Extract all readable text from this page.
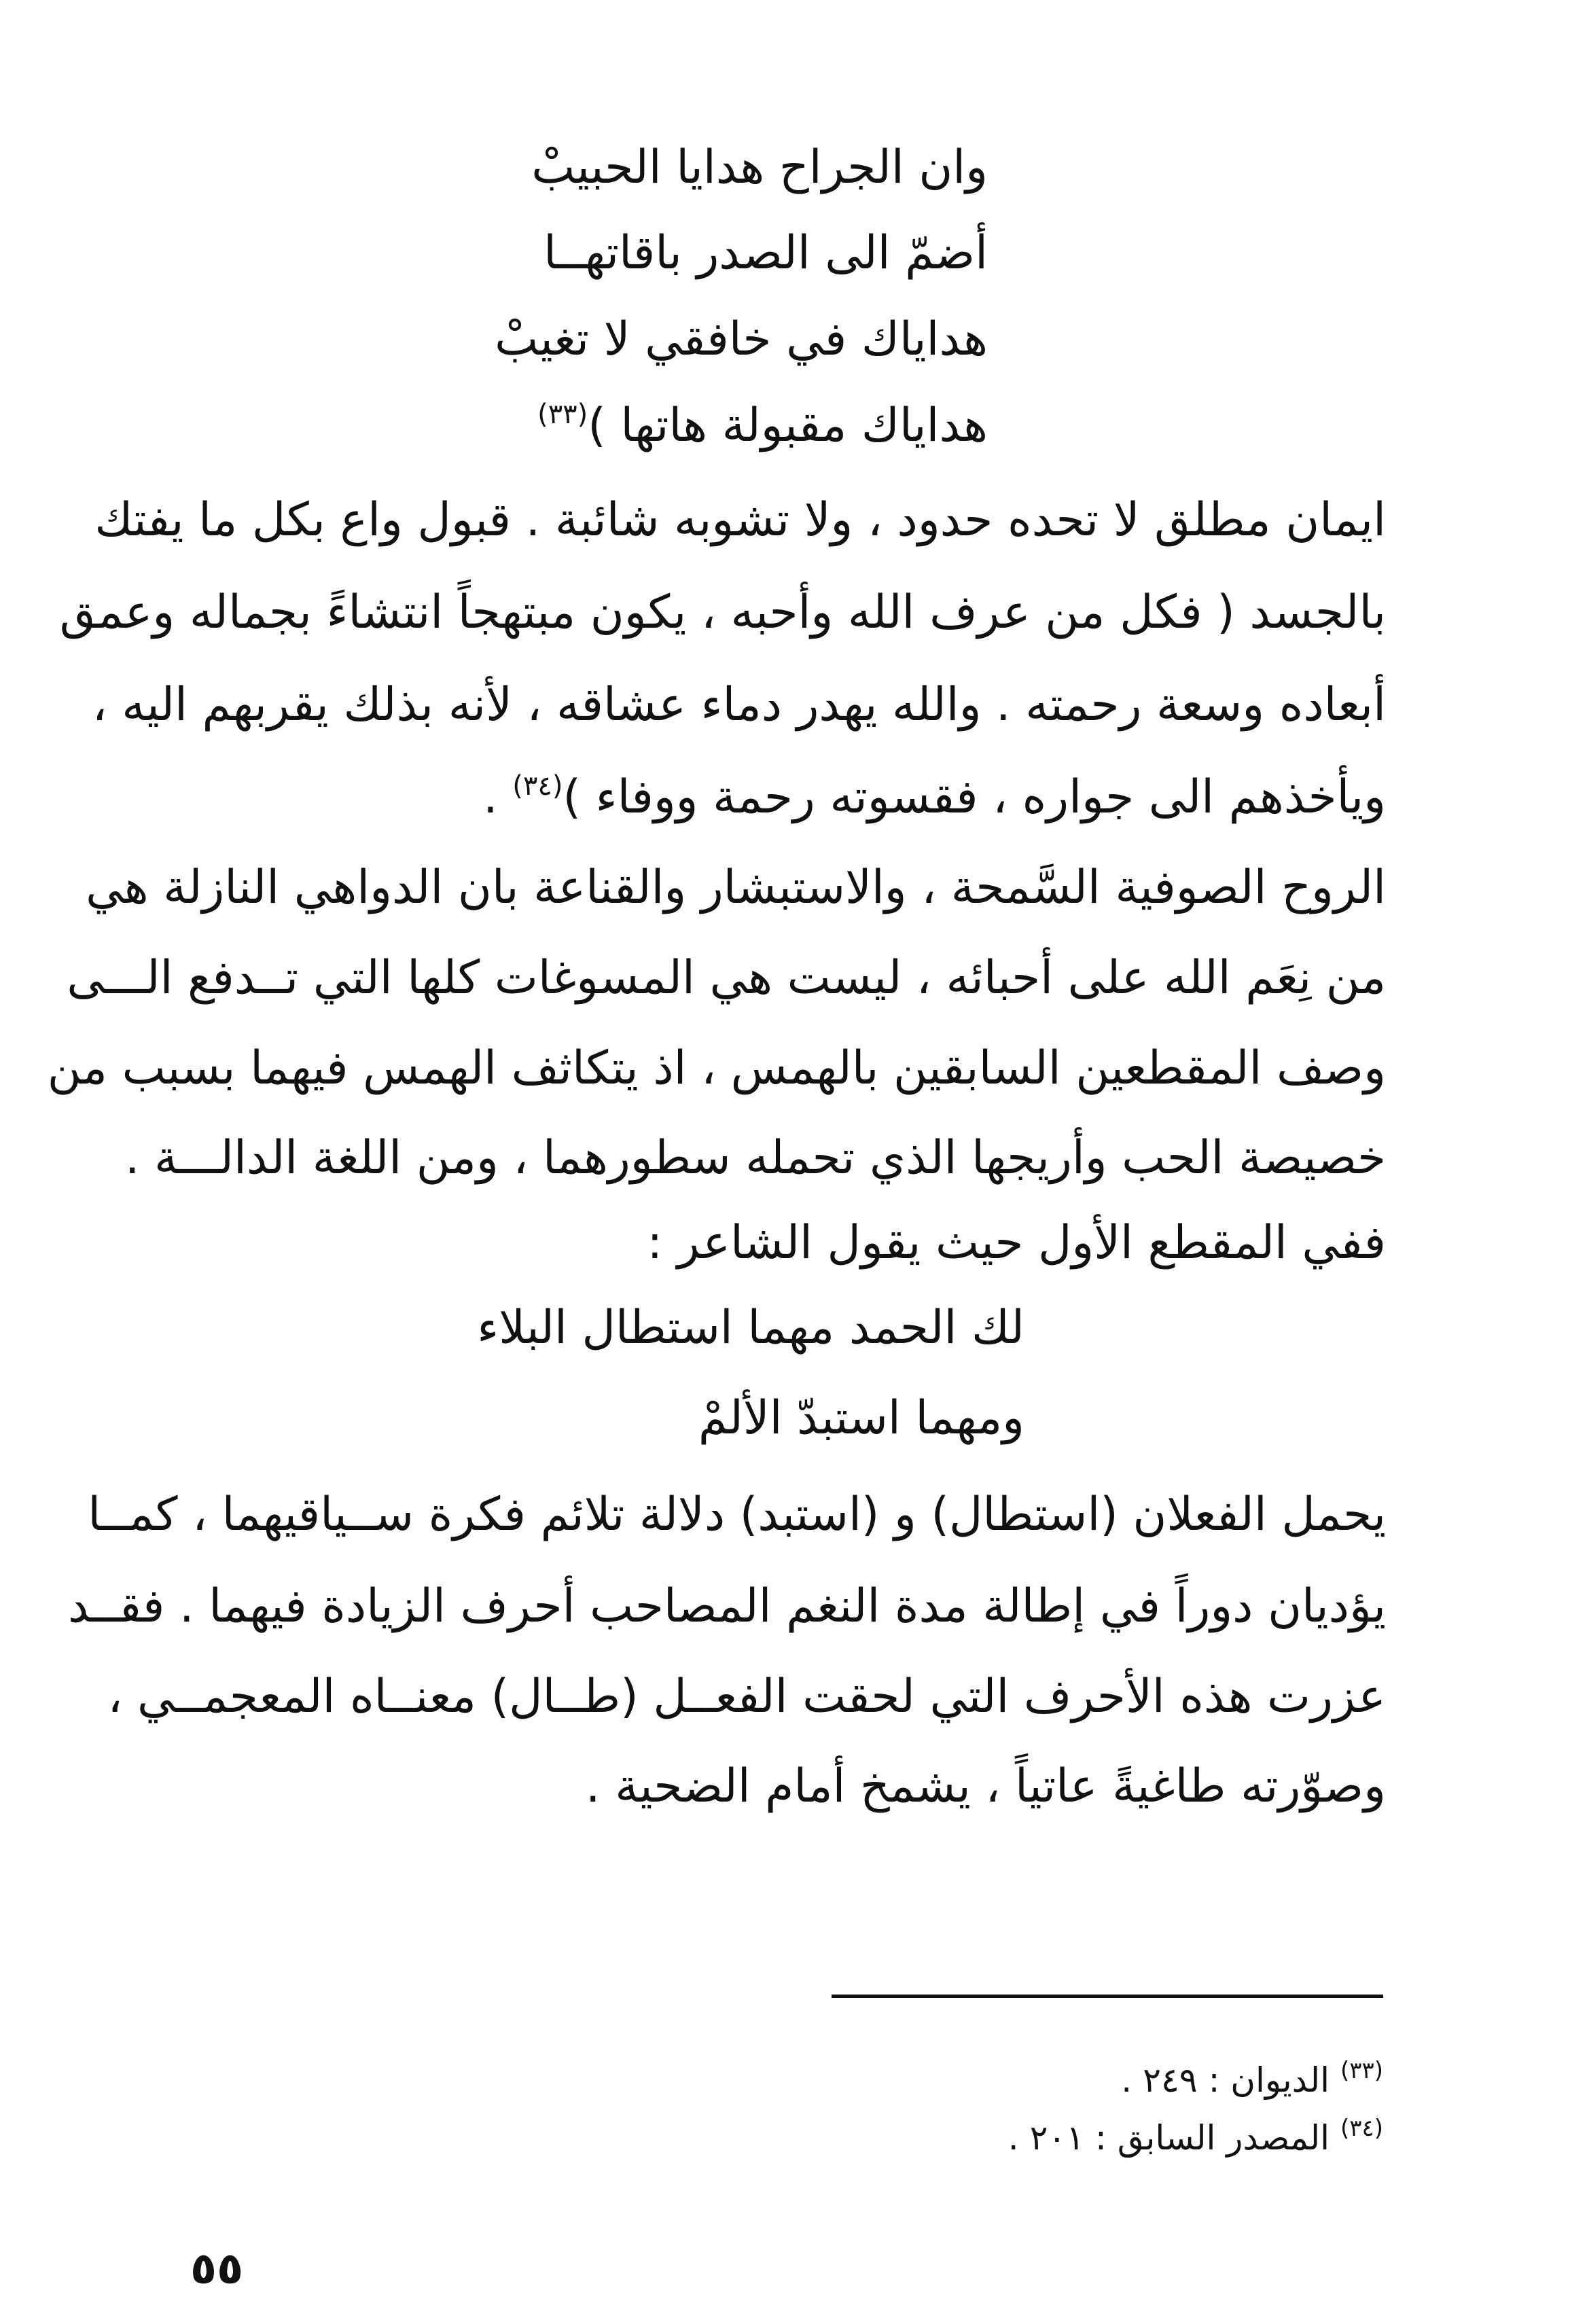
وان الجراح هدايا الحبيبْ
أضمّ الى الصدر باقاتهــا
هداياك في خافقي لا تغيبْ
هداياك مقبولة هاتها )$^{(٣٣)}$
ايمان مطلق لا تحده حدود ، ولا تشوبه شائبة . قبول واع بكل ما يفتك
بالجسد ( فكل من عرف الله وأحبه ، يكون مبتهجاً انتشاءً بجماله وعمق
أبعاده وسعة رحمته . والله يهدر دماء عشاقه ، لأنه بذلك يقربهم اليه ،
ويأخذهم الى جواره ، فقسوته رحمة ووفاء )$^{(٣٤)}$ .
الروح الصوفية السَّمحة ، والاستبشار والقناعة بان الدواهي النازلة هي
من نِعَم الله على أحبائه ، ليست هي المسوغات كلها التي تــدفع الـــى
وصف المقطعين السابقين بالهمس ، اذ يتكاثف الهمس فيهما بسبب من
خصيصة الحب وأريجها الذي تحمله سطورهما ، ومن اللغة الدالـــة .
ففي المقطع الأول حيث يقول الشاعر :
لك الحمد مهما استطال البلاء
ومهما استبدّ الألمْ
يحمل الفعلان (استطال) و (استبد) دلالة تلائم فكرة ســياقيهما ، كمــا
يؤديان دوراً في إطالة مدة النغم المصاحب أحرف الزيادة فيهما . فقــد
عزرت هذه الأحرف التي لحقت الفعــل (طــال) معنــاه المعجمــي ،
وصوّرته طاغيةً عاتياً ، يشمخ أمام الضحية .
$^{(٣٣)}$ الديوان : ٢٤٩ .
$^{(٣٤)}$ المصدر السابق : ٢٠١ .
٥٥
